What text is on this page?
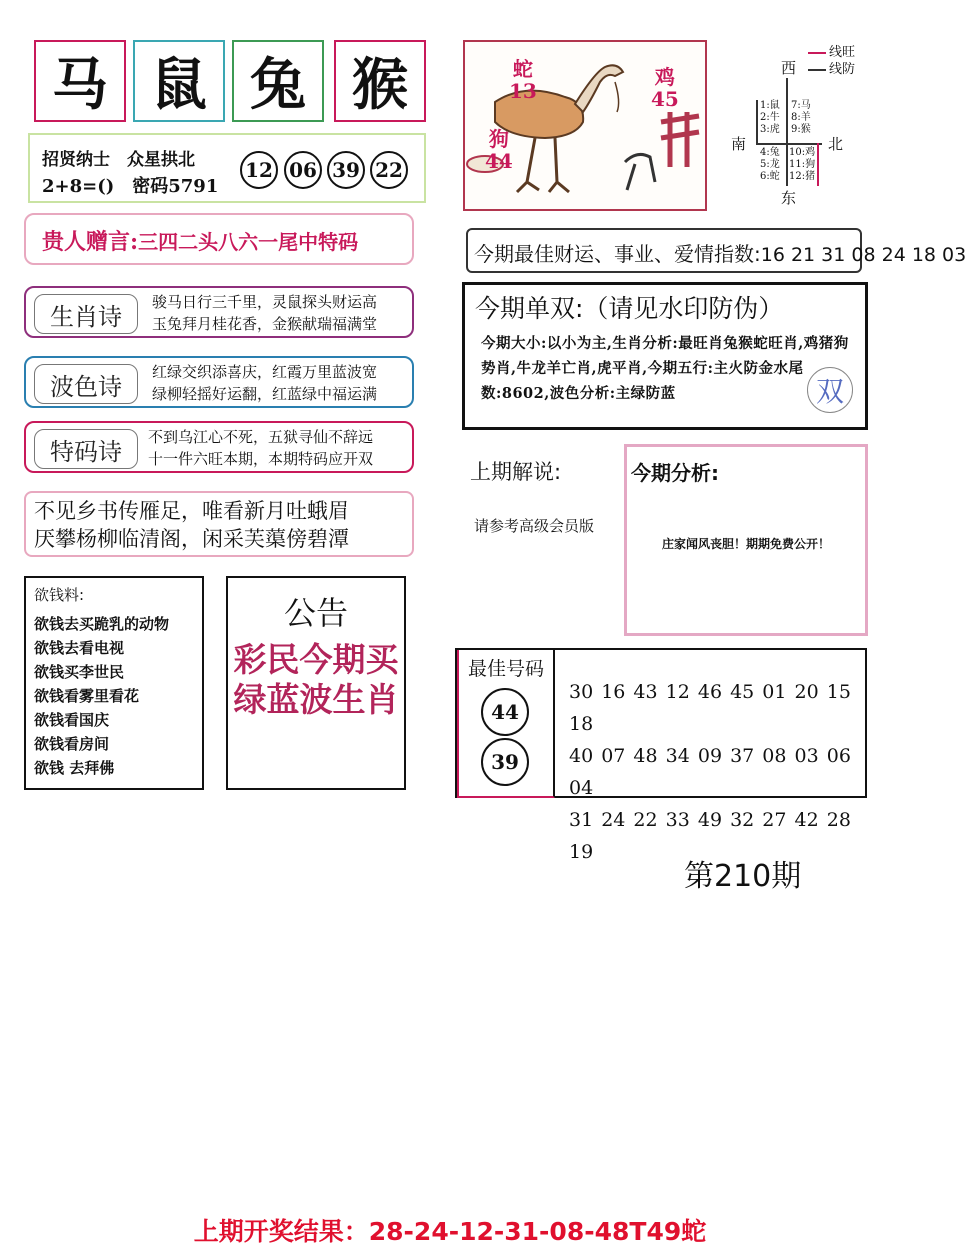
马 鼠 兔 猴
招贤纳士　众星拱北
2+8=()　密码5791
12 06 39 22
贵人赠言:三四二头八六一尾中特码
生肖诗
骏马日行三千里，灵鼠探头财运高
玉兔拜月桂花香，金猴献瑞福满堂
波色诗
红绿交织添喜庆，红霞万里蓝波宽
绿柳轻摇好运翻，红蓝绿中福运满
特码诗
不到乌江心不死，五狱寻仙不辞远
十一件六旺本期，本期特码应开双
不见乡书传雁足，唯看新月吐蛾眉
厌攀杨柳临清阁，闲采芙蕖傍碧潭
欲钱料:
欲钱去买跪乳的动物
欲钱去看电视
欲钱买李世民
欲钱看雾里看花
欲钱看国庆
欲钱看房间
欲钱 去拜佛
公告
彩民今期买
绿蓝波生肖
蛇
13
鸡
45
狗
44
线旺
线防
西
南	北
东
1:鼠
2:牛
3:虎
7:马
8:羊
9:猴
4:兔
5:龙
6:蛇
10:鸡
11:狗
12:猪
今期最佳财运、事业、爱情指数:16 21 31 08 24 18 03
今期单双:（请见水印防伪）
今期大小:以小为主,生肖分析:最旺肖兔猴蛇旺肖,鸡猪狗势肖,牛龙羊亡肖,虎平肖,今期五行:主火防金水尾数:8602,波色分析:主绿防蓝	双
上期解说:
请参考高级会员版
今期分析:
庄家闻风丧胆！期期免费公开！
最佳号码
44
39
30 16 43 12 46 45 01 20 15 18
40 07 48 34 09 37 08 03 06 04
31 24 22 33 49 32 27 42 28 19
第210期
上期开奖结果：28-24-12-31-08-48T49蛇
